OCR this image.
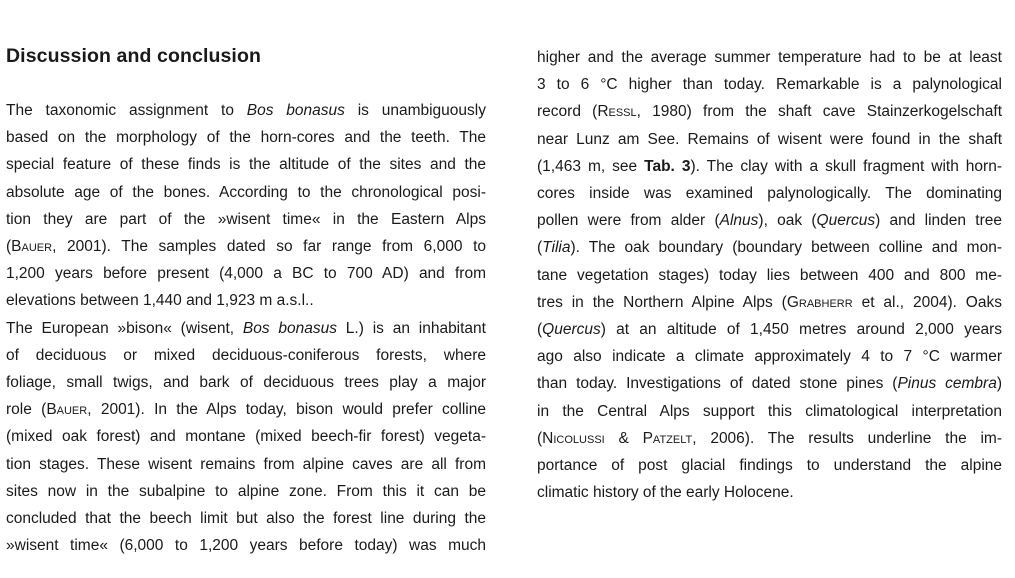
Discussion and conclusion
The taxonomic assignment to Bos bonasus is unambiguously
based on the morphology of the horn-cores and the teeth. The
special feature of these finds is the altitude of the sites and the
absolute age of the bones. According to the chronological posi-
tion they are part of the »wisent time« in the Eastern Alps
(Bauer, 2001). The samples dated so far range from 6,000 to
1,200 years before present (4,000 a BC to 700 AD) and from
elevations between 1,440 and 1,923 m a.s.l..
The European »bison« (wisent, Bos bonasus L.) is an inhabitant
of deciduous or mixed deciduous-coniferous forests, where
foliage, small twigs, and bark of deciduous trees play a major
role (Bauer, 2001). In the Alps today, bison would prefer colline
(mixed oak forest) and montane (mixed beech-fir forest) vegeta-
tion stages. These wisent remains from alpine caves are all from
sites now in the subalpine to alpine zone. From this it can be
concluded that the beech limit but also the forest line during the
»wisent time« (6,000 to 1,200 years before today) was much
higher and the average summer temperature had to be at least
3 to 6 °C higher than today. Remarkable is a palynological
record (Ressl, 1980) from the shaft cave Stainzerkogelschaft
near Lunz am See. Remains of wisent were found in the shaft
(1,463 m, see Tab. 3). The clay with a skull fragment with horn-
cores inside was examined palynologically. The dominating
pollen were from alder (Alnus), oak (Quercus) and linden tree
(Tilia). The oak boundary (boundary between colline and mon-
tane vegetation stages) today lies between 400 and 800 me-
tres in the Northern Alpine Alps (Grabherr et al., 2004). Oaks
(Quercus) at an altitude of 1,450 metres around 2,000 years
ago also indicate a climate approximately 4 to 7 °C warmer
than today. Investigations of dated stone pines (Pinus cembra)
in the Central Alps support this climatological interpretation
(Nicolussi & Patzelt, 2006). The results underline the im-
portance of post glacial findings to understand the alpine
climatic history of the early Holocene.
